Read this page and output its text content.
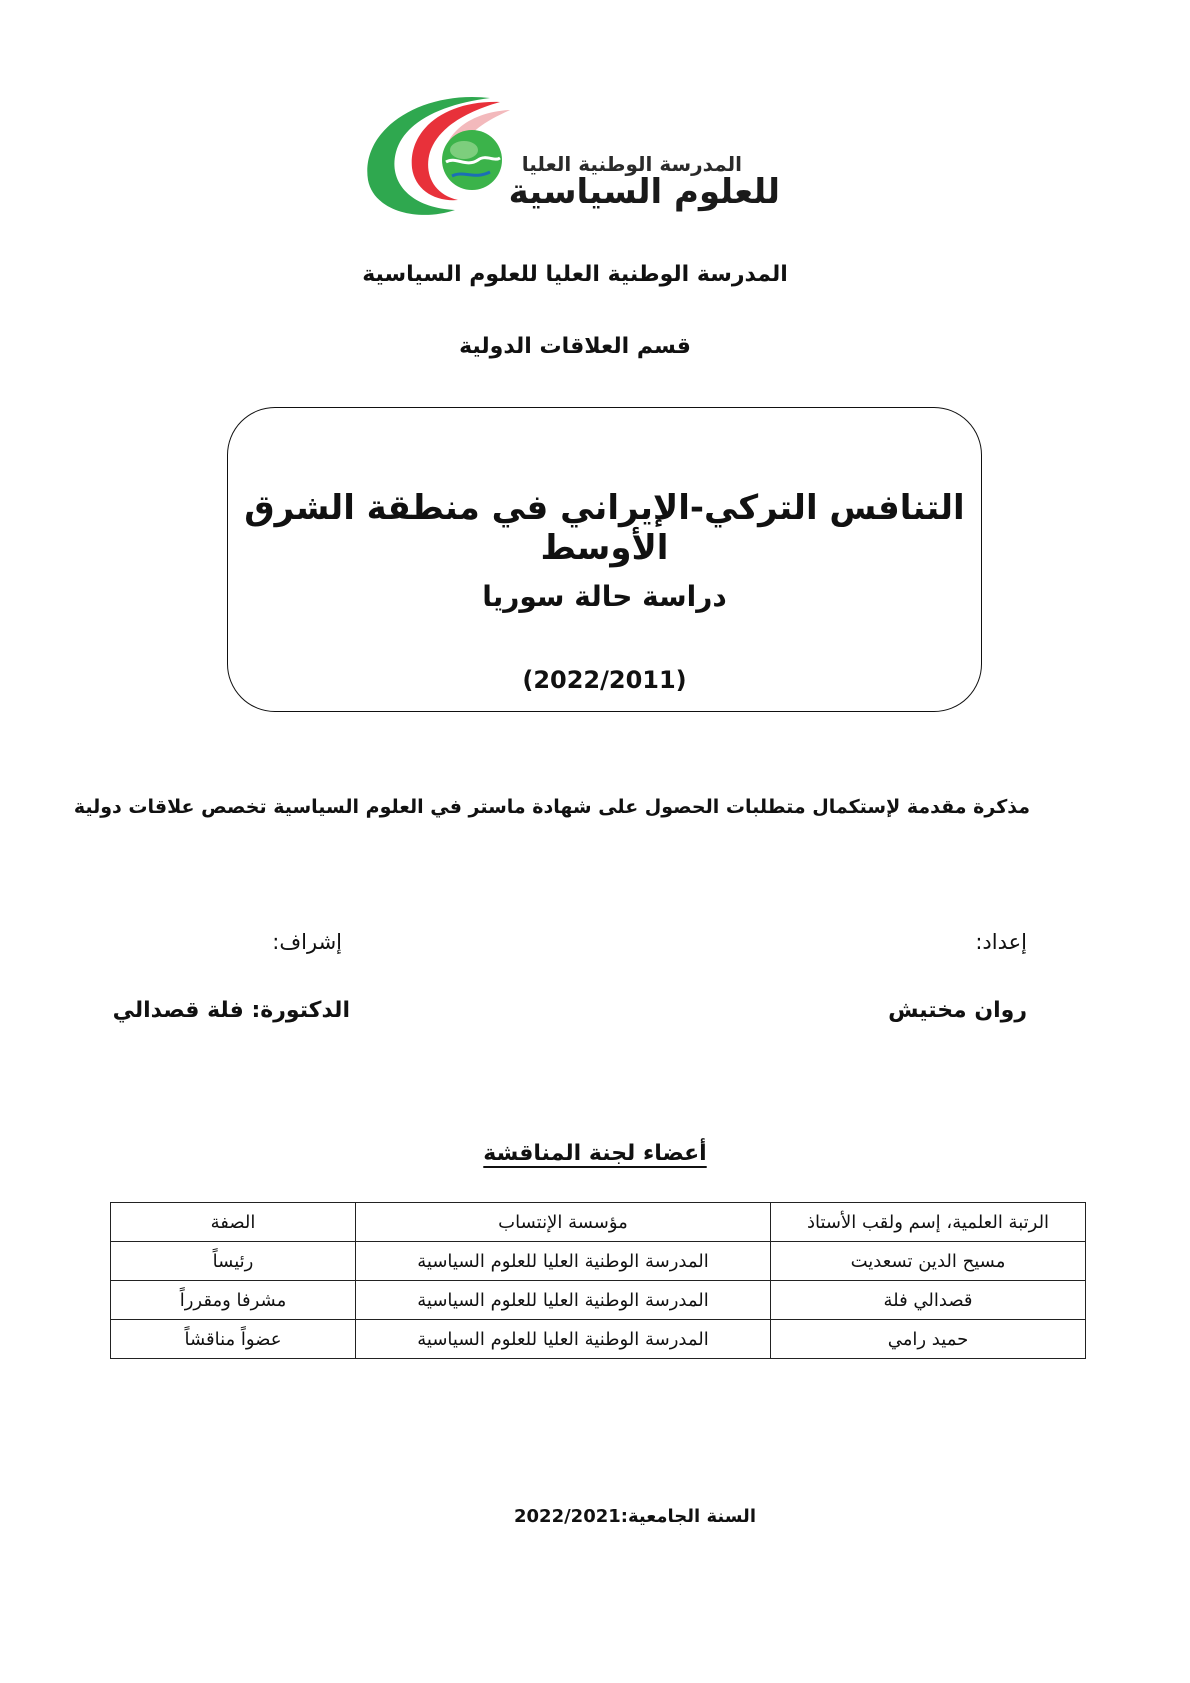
المدرسة الوطنية العليا
للعلوم السياسية
المدرسة الوطنية العليا للعلوم السياسية
قسم العلاقات الدولية
التنافس التركي-الإيراني في منطقة الشرق الأوسط
دراسة حالة سوريا
(2022/2011)
مذكرة مقدمة لإستكمال متطلبات الحصول على شهادة ماستر في العلوم السياسية تخصص علاقات دولية
إعداد:
روان مختيش
إشراف:
الدكتورة: فلة قصدالي
أعضاء لجنة المناقشة
الرتبة العلمية، إسم ولقب الأستاذ	مؤسسة الإنتساب	الصفة
مسيح الدين تسعديت	المدرسة الوطنية العليا للعلوم السياسية	رئيساً
قصدالي فلة	المدرسة الوطنية العليا للعلوم السياسية	مشرفا ومقرراً
حميد رامي	المدرسة الوطنية العليا للعلوم السياسية	عضواً مناقشاً
السنة الجامعية:2022/2021
